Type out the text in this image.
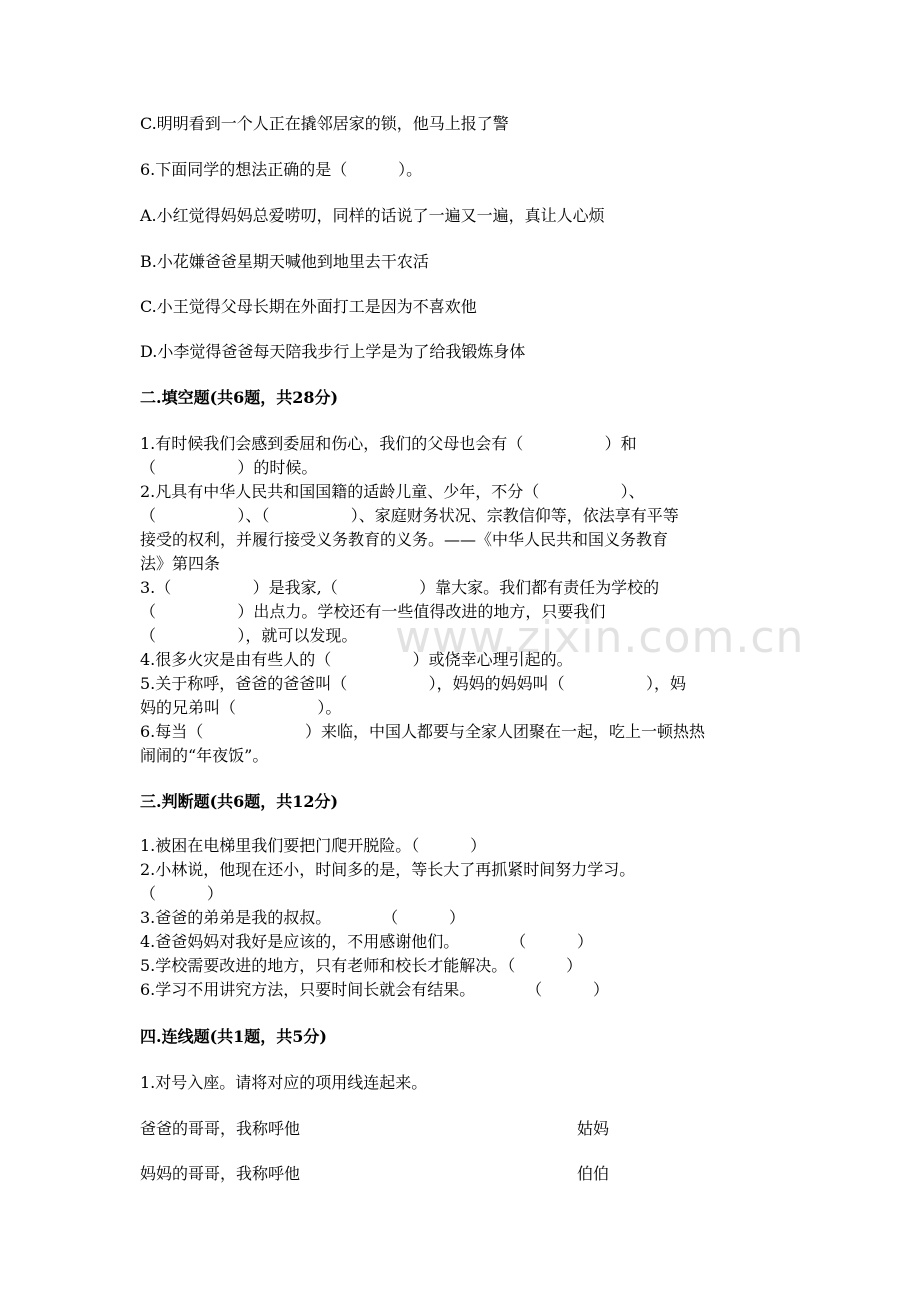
C.明明看到一个人正在撬邻居家的锁，他马上报了警
6.下面同学的想法正确的是（          ）。
A.小红觉得妈妈总爱唠叨，同样的话说了一遍又一遍，真让人心烦
B.小花嫌爸爸星期天喊他到地里去干农活
C.小王觉得父母长期在外面打工是因为不喜欢他
D.小李觉得爸爸每天陪我步行上学是为了给我锻炼身体
二.填空题(共6题，共28分)
1.有时候我们会感到委屈和伤心，我们的父母也会有（                ）和
（                ）的时候。
2.凡具有中华人民共和国国籍的适龄儿童、少年，不分（                ）、
（                ）、（                ）、家庭财务状况、宗教信仰等，依法享有平等
接受的权利，并履行接受义务教育的义务。——《中华人民共和国义务教育
法》第四条
3.（                ）是我家,（                ）靠大家。我们都有责任为学校的
（                ）出点力。学校还有一些值得改进的地方，只要我们
（                ），就可以发现。
4.很多火灾是由有些人的（                ）或侥幸心理引起的。
5.关于称呼，爸爸的爸爸叫（                ），妈妈的妈妈叫（                ），妈
妈的兄弟叫（                ）。
6.每当（                    ）来临，中国人都要与全家人团聚在一起，吃上一顿热热
闹闹的“年夜饭”。
三.判断题(共6题，共12分)
1.被困在电梯里我们要把门爬开脱险。（          ）
2.小林说，他现在还小，时间多的是，等长大了再抓紧时间努力学习。
（          ）
3.爸爸的弟弟是我的叔叔。          （          ）
4.爸爸妈妈对我好是应该的，不用感谢他们。          （          ）
5.学校需要改进的地方，只有老师和校长才能解决。（          ）
6.学习不用讲究方法，只要时间长就会有结果。          （          ）
四.连线题(共1题，共5分)
1.对号入座。请将对应的项用线连起来。
爸爸的哥哥，我称呼他	姑妈
妈妈的哥哥，我称呼他	伯伯
www.zixin.com.cn
